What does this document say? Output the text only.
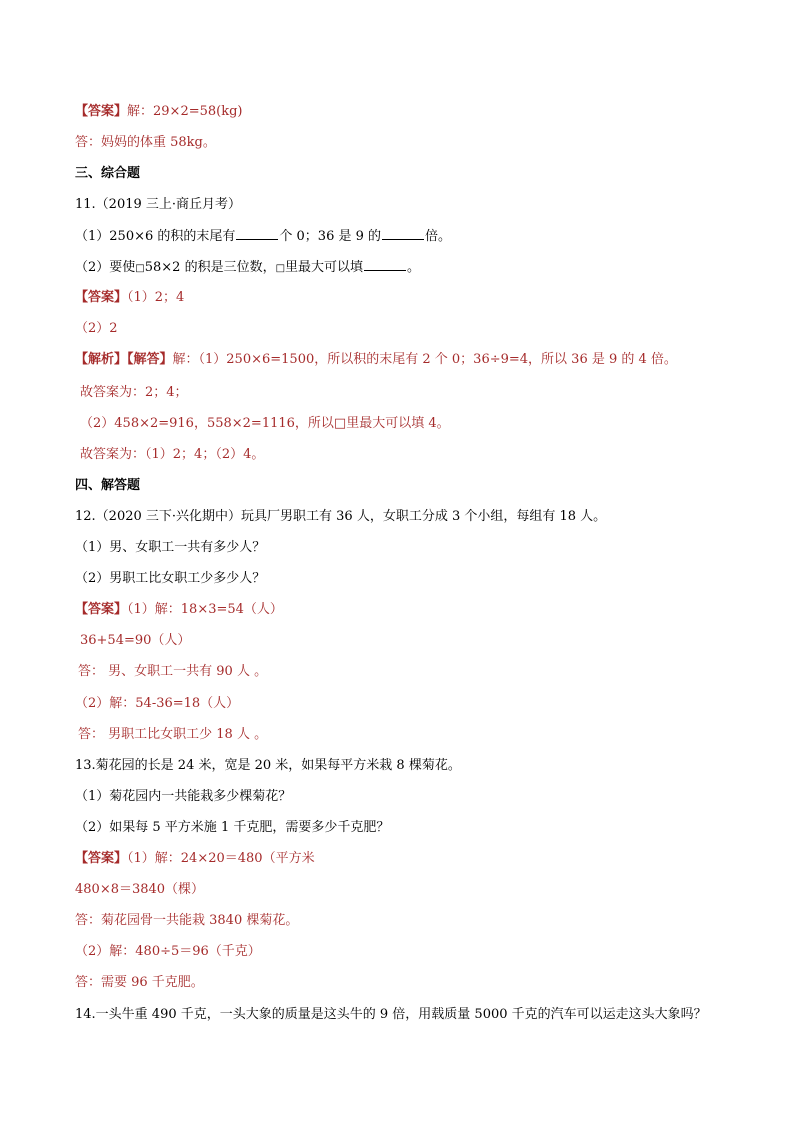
【答案】解：29×2=58(kg)
答：妈妈的体重 58kg。
三、综合题
11.（2019 三上·商丘月考）
（1）250×6 的积的末尾有	个 0；36 是 9 的	倍。
（2）要使□58×2 的积是三位数，□里最大可以填	。
【答案】（1）2；4
（2）2
【解析】【解答】解：（1）250×6=1500，所以积的末尾有 2 个 0；36÷9=4，所以 36 是 9 的 4 倍。
故答案为：2；4；
（2）458×2=916，558×2=1116，所以□里最大可以填 4。
故答案为：（1）2；4；（2）4。
四、解答题
12.（2020 三下·兴化期中）玩具厂男职工有 36 人，女职工分成 3 个小组，每组有 18 人。
（1）男、女职工一共有多少人？
（2）男职工比女职工少多少人？
【答案】（1）解：18×3=54（人）
36+54=90（人）
答： 男、女职工一共有 90 人 。
（2）解：54-36=18（人）
答： 男职工比女职工少 18 人 。
13.菊花园的长是 24 米，宽是 20 米，如果每平方米栽 8 棵菊花。
（1）菊花园内一共能栽多少棵菊花？
（2）如果每 5 平方米施 1 千克肥，需要多少千克肥？
【答案】（1）解：24×20＝480（平方米
480×8＝3840（棵）
答：菊花园骨一共能栽 3840 棵菊花。
（2）解：480÷5＝96（千克）
答：需要 96 千克肥。
14.一头牛重 490 千克，一头大象的质量是这头牛的 9 倍，用载质量 5000 千克的汽车可以运走这头大象吗？
